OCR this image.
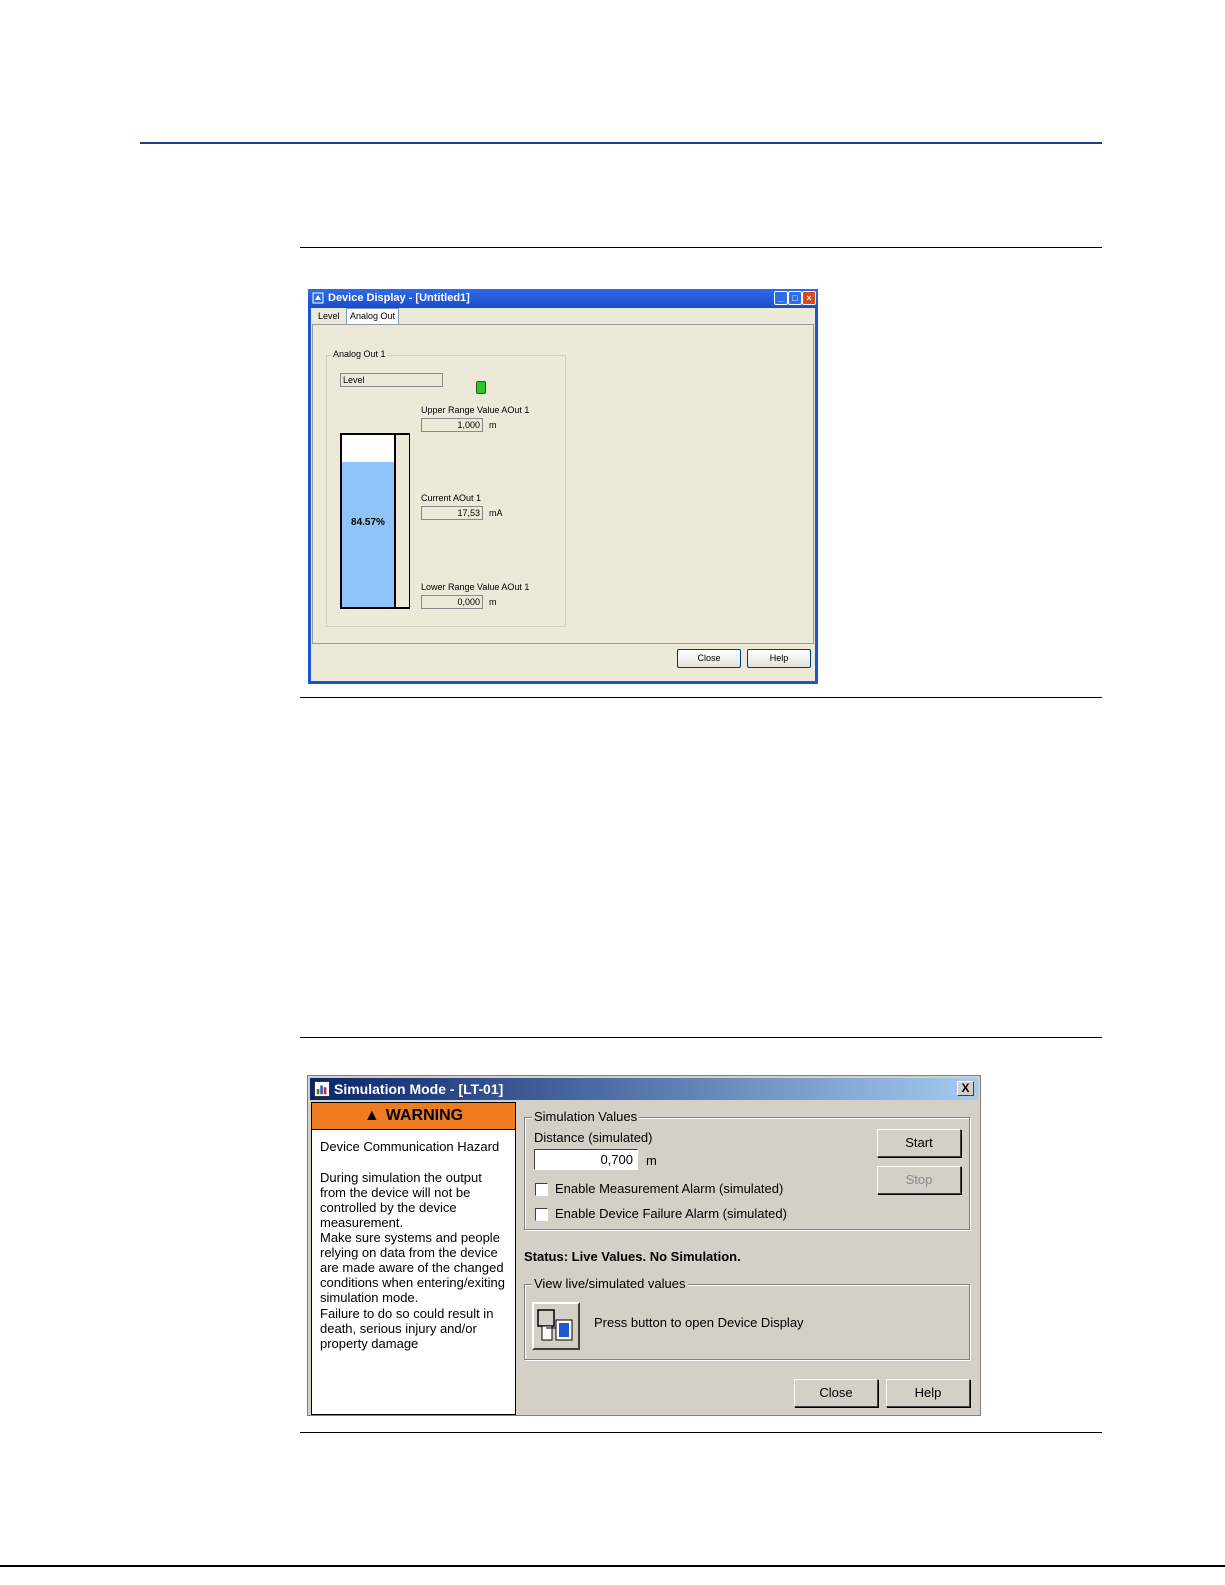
Device Display - [Untitled1]	_ □ ×
Level	Analog Out
Analog Out 1
Level
Upper Range Value AOut 1
1,000	m
Current AOut 1
17,53	mA
Lower Range Value AOut 1
0,000	m
84.57%
Close	Help
Simulation Mode - [LT-01]	X
▲ WARNING
Device Communication Hazard
During simulation the output from the device will not be controlled by the device measurement.
Make sure systems and people relying on data from the device are made aware of the changed conditions when entering/exiting simulation mode.
Failure to do so could result in death, serious injury and/or property damage
Simulation Values
Distance (simulated)
0,700
m
Enable Measurement Alarm (simulated)
Enable Device Failure Alarm (simulated)
Start
Stop
Status: Live Values. No Simulation.
View live/simulated values
Press button to open Device Display
Close	Help
